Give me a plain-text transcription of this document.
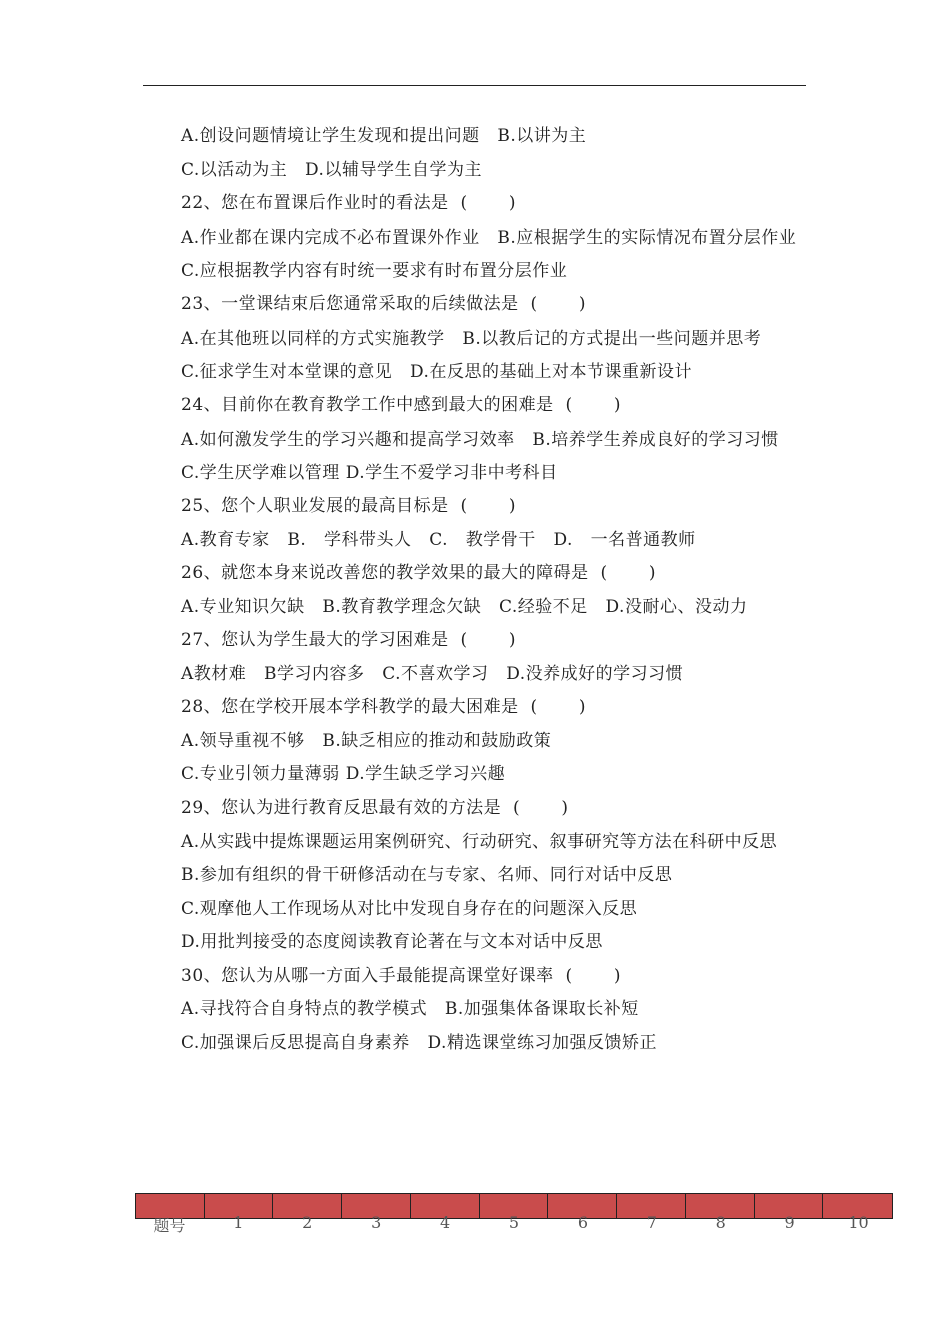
A.创设问题情境让学生发现和提出问题   B.以讲为主

C.以活动为主   D.以辅导学生自学为主

22、您在布置课后作业时的看法是  (       )

A.作业都在课内完成不必布置课外作业   B.应根据学生的实际情况布置分层作业

C.应根据教学内容有时统一要求有时布置分层作业

23、一堂课结束后您通常采取的后续做法是  (       )

A.在其他班以同样的方式实施教学   B.以教后记的方式提出一些问题并思考

C.征求学生对本堂课的意见   D.在反思的基础上对本节课重新设计

24、目前你在教育教学工作中感到最大的困难是  (       )

A.如何激发学生的学习兴趣和提高学习效率   B.培养学生养成良好的学习习惯

C.学生厌学难以管理 D.学生不爱学习非中考科目

25、您个人职业发展的最高目标是  (       )

A.教育专家   B.   学科带头人   C.   教学骨干   D.   一名普通教师

26、就您本身来说改善您的教学效果的最大的障碍是  (       )

A.专业知识欠缺   B.教育教学理念欠缺   C.经验不足   D.没耐心、没动力

27、您认为学生最大的学习困难是  (       )

A教材难   B学习内容多   C.不喜欢学习   D.没养成好的学习习惯

28、您在学校开展本学科教学的最大困难是  (       )

A.领导重视不够   B.缺乏相应的推动和鼓励政策

C.专业引领力量薄弱 D.学生缺乏学习兴趣

29、您认为进行教育反思最有效的方法是  (       )

A.从实践中提炼课题运用案例研究、行动研究、叙事研究等方法在科研中反思

B.参加有组织的骨干研修活动在与专家、名师、同行对话中反思

C.观摩他人工作现场从对比中发现自身存在的问题深入反思

D.用批判接受的态度阅读教育论著在与文本对话中反思

30、您认为从哪一方面入手最能提高课堂好课率  (       )

A.寻找符合自身特点的教学模式   B.加强集体备课取长补短

C.加强课后反思提高自身素养   D.精选课堂练习加强反馈矫正

题号	1	2	3	4	5	6	7	8	9	10
